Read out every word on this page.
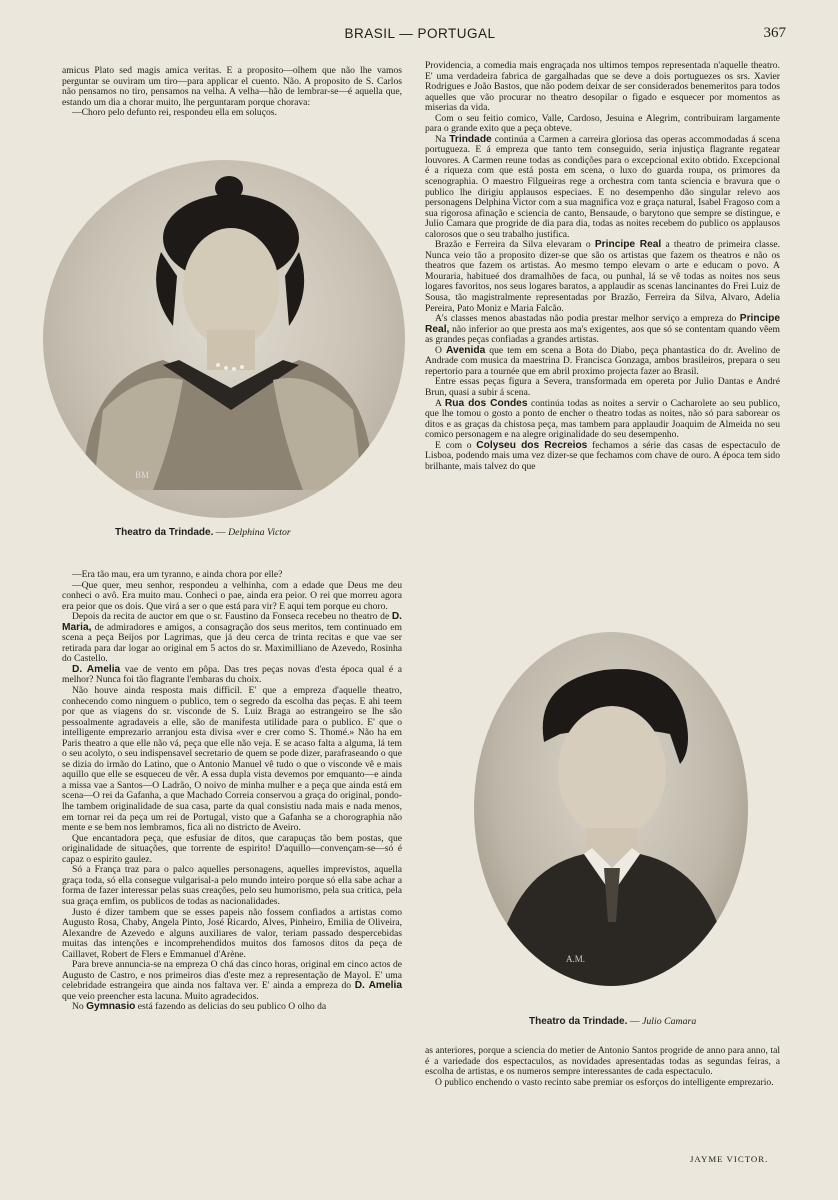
BRASIL — PORTUGAL	367

amicus Plato sed magis amica veritas. E a proposito—olhem que não lhe vamos perguntar se ouviram um tiro—para applicar el cuento. Não. A proposito de S. Carlos não pensamos no tiro, pensamos na velha. A velha—hão de lembrar-se—é aquella que, estando um dia a chorar muito, lhe perguntaram porque chorava:

—Choro pelo defunto rei, respondeu ella em soluços.

BM
Theatro da Trindade. — Delphina Victor

—Era tão mau, era um tyranno, e ainda chora por elle?

—Que quer, meu senhor, respondeu a velhinha, com a edade que Deus me deu conheci o avô. Era muito mau. Conheci o pae, ainda era peior. O rei que morreu agora era peior que os dois. Que virá a ser o que está para vir? E aqui tem porque eu choro.

Depois da recita de auctor em que o sr. Faustino da Fonseca recebeu no theatro de D. Maria, de admiradores e amigos, a consagração dos seus meritos, tem continuado em scena a peça Beijos por Lagrimas, que já deu cerca de trinta recitas e que vae ser retirada para dar logar ao original em 5 actos do sr. Maximilliano de Azevedo, Rosinha do Castello.

D. Amelia vae de vento em pôpa. Das tres peças novas d'esta época qual é a melhor? Nunca foi tão flagrante l'embaras du choix.

Não houve ainda resposta mais difficil. E' que a empreza d'aquelle theatro, conhecendo como ninguem o publico, tem o segredo da escolha das peças. E ahi teem por que as viagens do sr. visconde de S. Luiz Braga ao estrangeiro se lhe são pessoalmente agradaveis a elle, são de manifesta utilidade para o publico. E' que o intelligente emprezario arranjou esta divisa «ver e crer como S. Thomé.» Não ha em Paris theatro a que elle não vá, peça que elle não veja. E se acaso falta a alguma, lá tem o seu acolyto, o seu indispensavel secretario de quem se pode dizer, parafraseando o que se dizia do irmão do Latino, que o Antonio Manuel vê tudo o que o visconde vê e mais aquillo que elle se esqueceu de vêr. A essa dupla vista devemos por emquanto—e ainda a missa vae a Santos—O Ladrão, O noivo de minha mulher e a peça que ainda está em scena—O rei da Gafanha, a que Machado Correia conservou a graça do original, pondo-lhe tambem originalidade de sua casa, parte da qual consistiu nada mais e nada menos, em tornar rei da peça um rei de Portugal, visto que a Gafanha se a chorographia não mente e se bem nos lembramos, fica ali no districto de Aveiro.

Que encantadora peça, que esfusiar de ditos, que carapuças tão bem postas, que originalidade de situações, que torrente de espirito! D'aquillo—convençam-se—só é capaz o espirito gaulez.

Só a França traz para o palco aquelles personagens, aquelles imprevistos, aquella graça toda, só ella consegue vulgarisal-a pelo mundo inteiro porque só ella sabe achar a forma de fazer interessar pelas suas creações, pelo seu humorismo, pela sua critica, pela sua graça emfim, os publicos de todas as nacionalidades.

Justo é dizer tambem que se esses papeis não fossem confiados a artistas como Augusto Rosa, Chaby, Angela Pinto, José Ricardo, Alves, Pinheiro, Emilia de Oliveira, Alexandre de Azevedo e alguns auxiliares de valor, teriam passado despercebidas muitas das intenções e incomprehendidos muitos dos famosos ditos da peça de Caillavet, Robert de Flers e Emmanuel d'Arène.

Para breve annuncia-se na empreza O chá das cinco horas, original em cinco actos de Augusto de Castro, e nos primeiros dias d'este mez a representação de Mayol. E' uma celebridade estrangeira que ainda nos faltava ver. E' ainda a empreza do D. Amelia que veio preencher esta lacuna. Muito agradecidos.

No Gymnasio está fazendo as delicias do seu publico O olho da

Providencia, a comedia mais engraçada nos ultimos tempos representada n'aquelle theatro. E' uma verdadeira fabrica de gargalhadas que se deve a dois portuguezes os srs. Xavier Rodrigues e João Bastos, que não podem deixar de ser considerados benemeritos para todos aquelles que vão procurar no theatro desopilar o figado e esquecer por momentos as miserias da vida.

Com o seu feitio comico, Valle, Cardoso, Jesuina e Alegrim, contribuiram largamente para o grande exito que a peça obteve.

Na Trindade continúa a Carmen a carreira gloriosa das operas accommodadas á scena portugueza. E á empreza que tanto tem conseguido, seria injustiça flagrante regatear louvores. A Carmen reune todas as condições para o excepcional exito obtido. Excepcional é a riqueza com que está posta em scena, o luxo do guarda roupa, os primores da scenographia. O maestro Filgueiras rege a orchestra com tanta sciencia e bravura que o publico lhe dirigiu applausos especiaes. E no desempenho dão singular relevo aos personagens Delphina Victor com a sua magnifica voz e graça natural, Isabel Fragoso com a sua rigorosa afinação e sciencia de canto, Bensaude, o barytono que sempre se distingue, e Julio Camara que progride de dia para dia, todas as noites recebem do publico os applausos calorosos que o seu trabalho justifica.

Brazão e Ferreira da Silva elevaram o Principe Real a theatro de primeira classe. Nunca veio tão a proposito dizer-se que são os artistas que fazem os theatros e não os theatros que fazem os artistas. Ao mesmo tempo elevam o arte e educam o povo. A Mouraria, habitueé dos dramalhões de faca, ou punhal, lá se vê todas as noites nos seus logares favoritos, nos seus logares baratos, a applaudir as scenas lancinantes do Frei Luiz de Sousa, tão magistralmente representadas por Brazão, Ferreira da Silva, Alvaro, Adelia Pereira, Pato Moniz e Maria Falcão.

A's classes menos abastadas não podia prestar melhor serviço a empreza do Principe Real, não inferior ao que presta aos ma's exigentes, aos que só se contentam quando vêem as grandes peças confiadas a grandes artistas.

O Avenida que tem em scena a Bota do Diabo, peça phantastica do dr. Avelino de Andrade com musica da maestrina D. Francisca Gonzaga, ambos brasileiros, prepara o seu repertorio para a tournée que em abril proximo projecta fazer ao Brasil.

Entre essas peças figura a Severa, transformada em opereta por Julio Dantas e André Brun, quasi a subir á scena.

A Rua dos Condes continúa todas as noites a servir o Cacharolete ao seu publico, que lhe tomou o gosto a ponto de encher o theatro todas as noites, não só para saborear os ditos e as graças da chistosa peça, mas tambem para applaudir Joaquim de Almeida no seu comico personagem e na alegre originalidade do seu desempenho.

E com o Colyseu dos Recreios fechamos a série das casas de espectaculo de Lisboa, podendo mais uma vez dizer-se que fechamos com chave de ouro. A época tem sido brilhante, mais talvez do que

A.M.
Theatro da Trindade. — Julio Camara

as anteriores, porque a sciencia do metier de Antonio Santos progride de anno para anno, tal é a variedade dos espectaculos, as novidades apresentadas todas as segundas feiras, a escolha de artistas, e os numeros sempre interessantes de cada espectaculo.

O publico enchendo o vasto recinto sabe premiar os esforços do intelligente emprezario.

JAYME VICTOR.
